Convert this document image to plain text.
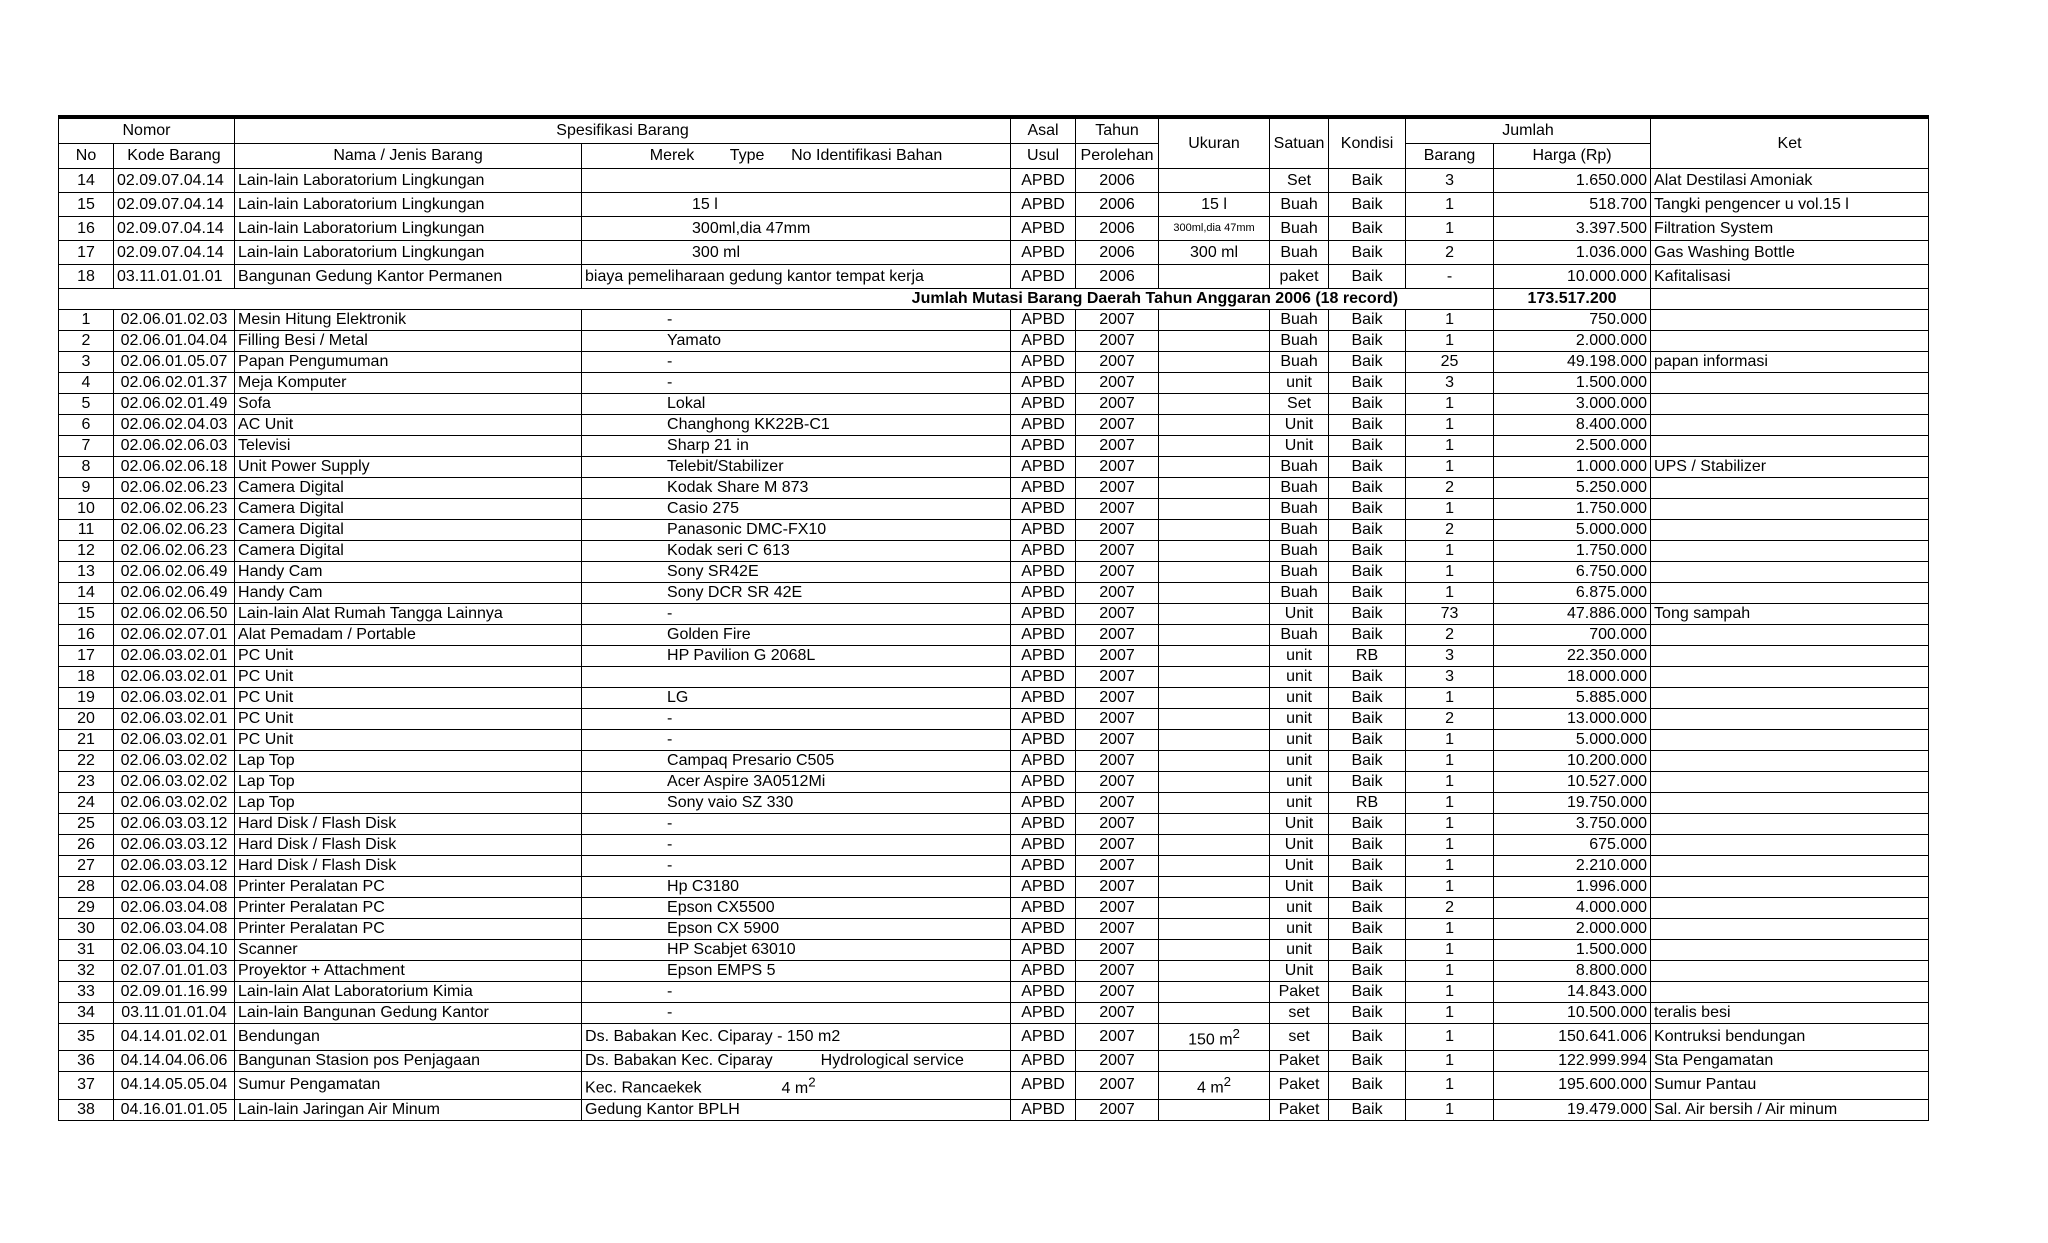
Nomor		Spesifikasi Barang		Asal	Tahun	Ukuran	Satuan	Kondisi	Jumlah		Ket
No	Kode Barang	Nama / Jenis Barang	Merek Type No Identifikasi Bahan	Usul	Perolehan				Barang	Harga (Rp)	
14	02.09.07.04.14	Lain-lain Laboratorium Lingkungan		APBD	2006		Set	Baik	3	1.650.000	Alat Destilasi Amoniak
15	02.09.07.04.14	Lain-lain Laboratorium Lingkungan	15 l	APBD	2006	15 l	Buah	Baik	1	518.700	Tangki pengencer u vol.15 l
16	02.09.07.04.14	Lain-lain Laboratorium Lingkungan	300ml,dia 47mm	APBD	2006	300ml,dia 47mm	Buah	Baik	1	3.397.500	Filtration System
17	02.09.07.04.14	Lain-lain Laboratorium Lingkungan	300 ml	APBD	2006	300 ml	Buah	Baik	2	1.036.000	Gas Washing Bottle
18	03.11.01.01.01	Bangunan Gedung Kantor Permanen	biaya pemeliharaan gedung kantor tempat kerja	APBD	2006		paket	Baik	-	10.000.000	Kafitalisasi
Jumlah Mutasi Barang Daerah Tahun Anggaran 2006 (18 record)										173.517.200	
1	02.06.01.02.03	Mesin Hitung Elektronik	-	APBD	2007		Buah	Baik	1	750.000	
2	02.06.01.04.04	Filling Besi / Metal	Yamato	APBD	2007		Buah	Baik	1	2.000.000	
3	02.06.01.05.07	Papan Pengumuman	-	APBD	2007		Buah	Baik	25	49.198.000	papan informasi
4	02.06.02.01.37	Meja Komputer	-	APBD	2007		unit	Baik	3	1.500.000	
5	02.06.02.01.49	Sofa	Lokal	APBD	2007		Set	Baik	1	3.000.000	
6	02.06.02.04.03	AC Unit	Changhong KK22B-C1	APBD	2007		Unit	Baik	1	8.400.000	
7	02.06.02.06.03	Televisi	Sharp 21 in	APBD	2007		Unit	Baik	1	2.500.000	
8	02.06.02.06.18	Unit Power Supply	Telebit/Stabilizer	APBD	2007		Buah	Baik	1	1.000.000	UPS / Stabilizer
9	02.06.02.06.23	Camera Digital	Kodak Share M 873	APBD	2007		Buah	Baik	2	5.250.000	
10	02.06.02.06.23	Camera Digital	Casio 275	APBD	2007		Buah	Baik	1	1.750.000	
11	02.06.02.06.23	Camera Digital	Panasonic DMC-FX10	APBD	2007		Buah	Baik	2	5.000.000	
12	02.06.02.06.23	Camera Digital	Kodak seri C 613	APBD	2007		Buah	Baik	1	1.750.000	
13	02.06.02.06.49	Handy Cam	Sony SR42E	APBD	2007		Buah	Baik	1	6.750.000	
14	02.06.02.06.49	Handy Cam	Sony DCR SR 42E	APBD	2007		Buah	Baik	1	6.875.000	
15	02.06.02.06.50	Lain-lain Alat Rumah Tangga Lainnya	-	APBD	2007		Unit	Baik	73	47.886.000	Tong sampah
16	02.06.02.07.01	Alat Pemadam / Portable	Golden Fire	APBD	2007		Buah	Baik	2	700.000	
17	02.06.03.02.01	PC Unit	HP Pavilion G 2068L	APBD	2007		unit	RB	3	22.350.000	
18	02.06.03.02.01	PC Unit		APBD	2007		unit	Baik	3	18.000.000	
19	02.06.03.02.01	PC Unit	LG	APBD	2007		unit	Baik	1	5.885.000	
20	02.06.03.02.01	PC Unit	-	APBD	2007		unit	Baik	2	13.000.000	
21	02.06.03.02.01	PC Unit	-	APBD	2007		unit	Baik	1	5.000.000	
22	02.06.03.02.02	Lap Top	Campaq Presario C505	APBD	2007		unit	Baik	1	10.200.000	
23	02.06.03.02.02	Lap Top	Acer Aspire 3A0512Mi	APBD	2007		unit	Baik	1	10.527.000	
24	02.06.03.02.02	Lap Top	Sony vaio SZ 330	APBD	2007		unit	RB	1	19.750.000	
25	02.06.03.03.12	Hard Disk / Flash Disk	-	APBD	2007		Unit	Baik	1	3.750.000	
26	02.06.03.03.12	Hard Disk / Flash Disk	-	APBD	2007		Unit	Baik	1	675.000	
27	02.06.03.03.12	Hard Disk / Flash Disk	-	APBD	2007		Unit	Baik	1	2.210.000	
28	02.06.03.04.08	Printer Peralatan PC	Hp C3180	APBD	2007		Unit	Baik	1	1.996.000	
29	02.06.03.04.08	Printer Peralatan PC	Epson CX5500	APBD	2007		unit	Baik	2	4.000.000	
30	02.06.03.04.08	Printer Peralatan PC	Epson CX 5900	APBD	2007		unit	Baik	1	2.000.000	
31	02.06.03.04.10	Scanner	HP Scabjet 63010	APBD	2007		unit	Baik	1	1.500.000	
32	02.07.01.01.03	Proyektor + Attachment	Epson EMPS 5	APBD	2007		Unit	Baik	1	8.800.000	
33	02.09.01.16.99	Lain-lain Alat Laboratorium Kimia	-	APBD	2007		Paket	Baik	1	14.843.000	
34	03.11.01.01.04	Lain-lain Bangunan Gedung Kantor	-	APBD	2007		set	Baik	1	10.500.000	teralis besi
35	04.14.01.02.01	Bendungan	Ds. Babakan Kec. Ciparay - 150 m2	APBD	2007	150 $m^2$	set	Baik	1	150.641.006	Kontruksi bendungan
36	04.14.04.06.06	Bangunan Stasion pos Penjagaan	Ds. Babakan Kec. Ciparay Hydrological service	APBD	2007		Paket	Baik	1	122.999.994	Sta Pengamatan
37	04.14.05.05.04	Sumur Pengamatan	Kec. Rancaekek 4 $m^2$	APBD	2007	4 $m^2$	Paket	Baik	1	195.600.000	Sumur Pantau
38	04.16.01.01.05	Lain-lain Jaringan Air Minum	Gedung Kantor BPLH	APBD	2007		Paket	Baik	1	19.479.000	Sal. Air bersih / Air minum
